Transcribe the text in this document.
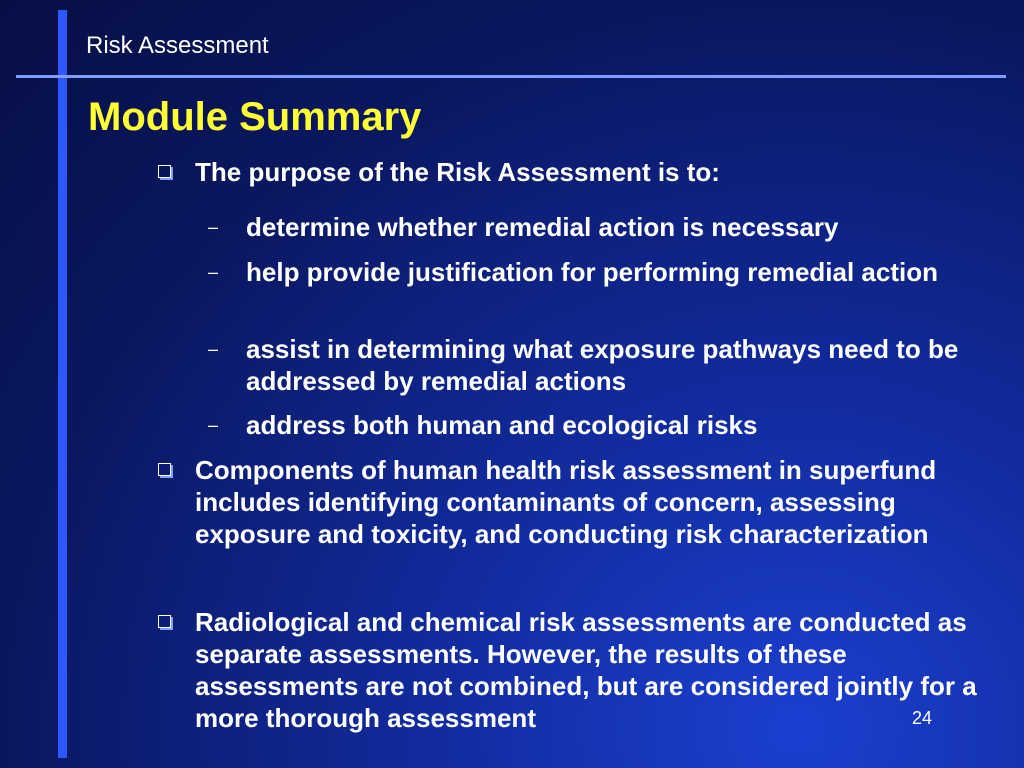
Risk Assessment
Module Summary
The purpose of the Risk Assessment is to:
– determine whether remedial action is necessary
– help provide justification for performing remedial action
– assist in determining what exposure pathways need to be addressed by remedial actions
– address both human and ecological risks
Components of human health risk assessment in superfund includes identifying contaminants of concern, assessing exposure and toxicity, and conducting risk characterization
Radiological and chemical risk assessments are conducted as separate assessments. However, the results of these assessments are not combined, but are considered jointly for a more thorough assessment	24
